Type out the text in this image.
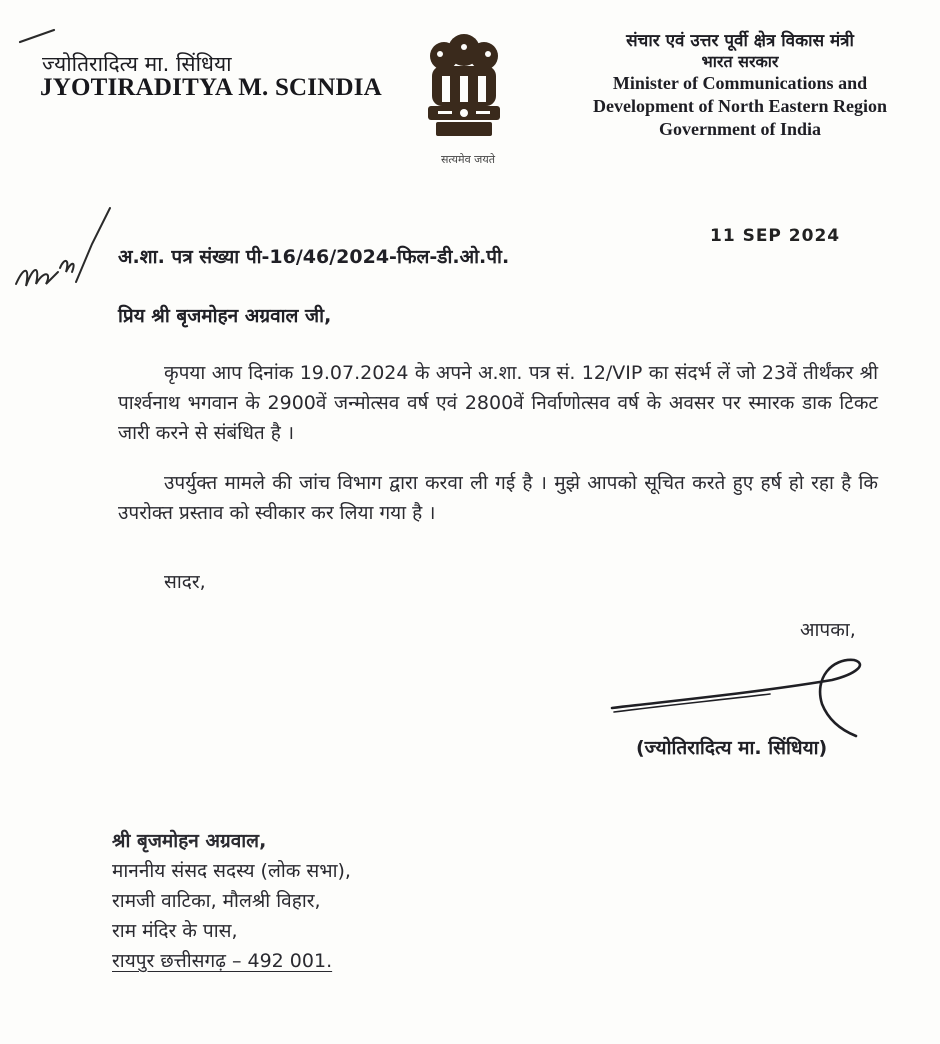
ज्योतिरादित्य मा. सिंधिया
JYOTIRADITYA M. SCINDIA
सत्यमेव जयते
संचार एवं उत्तर पूर्वी क्षेत्र विकास मंत्री
भारत सरकार
Minister of Communications and
Development of North Eastern Region
Government of India
अ.शा. पत्र संख्या पी-16/46/2024-फिल-डी.ओ.पी.
11 SEP 2024
प्रिय श्री बृजमोहन अग्रवाल जी,
कृपया आप दिनांक 19.07.2024 के अपने अ.शा. पत्र सं. 12/VIP का संदर्भ लें जो 23वें तीर्थंकर श्री पार्श्वनाथ भगवान के 2900वें जन्मोत्सव वर्ष एवं 2800वें निर्वाणोत्सव वर्ष के अवसर पर स्मारक डाक टिकट जारी करने से संबंधित है ।
उपर्युक्त मामले की जांच विभाग द्वारा करवा ली गई है । मुझे आपको सूचित करते हुए हर्ष हो रहा है कि उपरोक्त प्रस्ताव को स्वीकार कर लिया गया है ।
सादर,
आपका,
(ज्योतिरादित्य मा. सिंधिया)
श्री बृजमोहन अग्रवाल,
माननीय संसद सदस्य (लोक सभा),
रामजी वाटिका, मौलश्री विहार,
राम मंदिर के पास,
रायपुर छत्तीसगढ़ – 492 001.
